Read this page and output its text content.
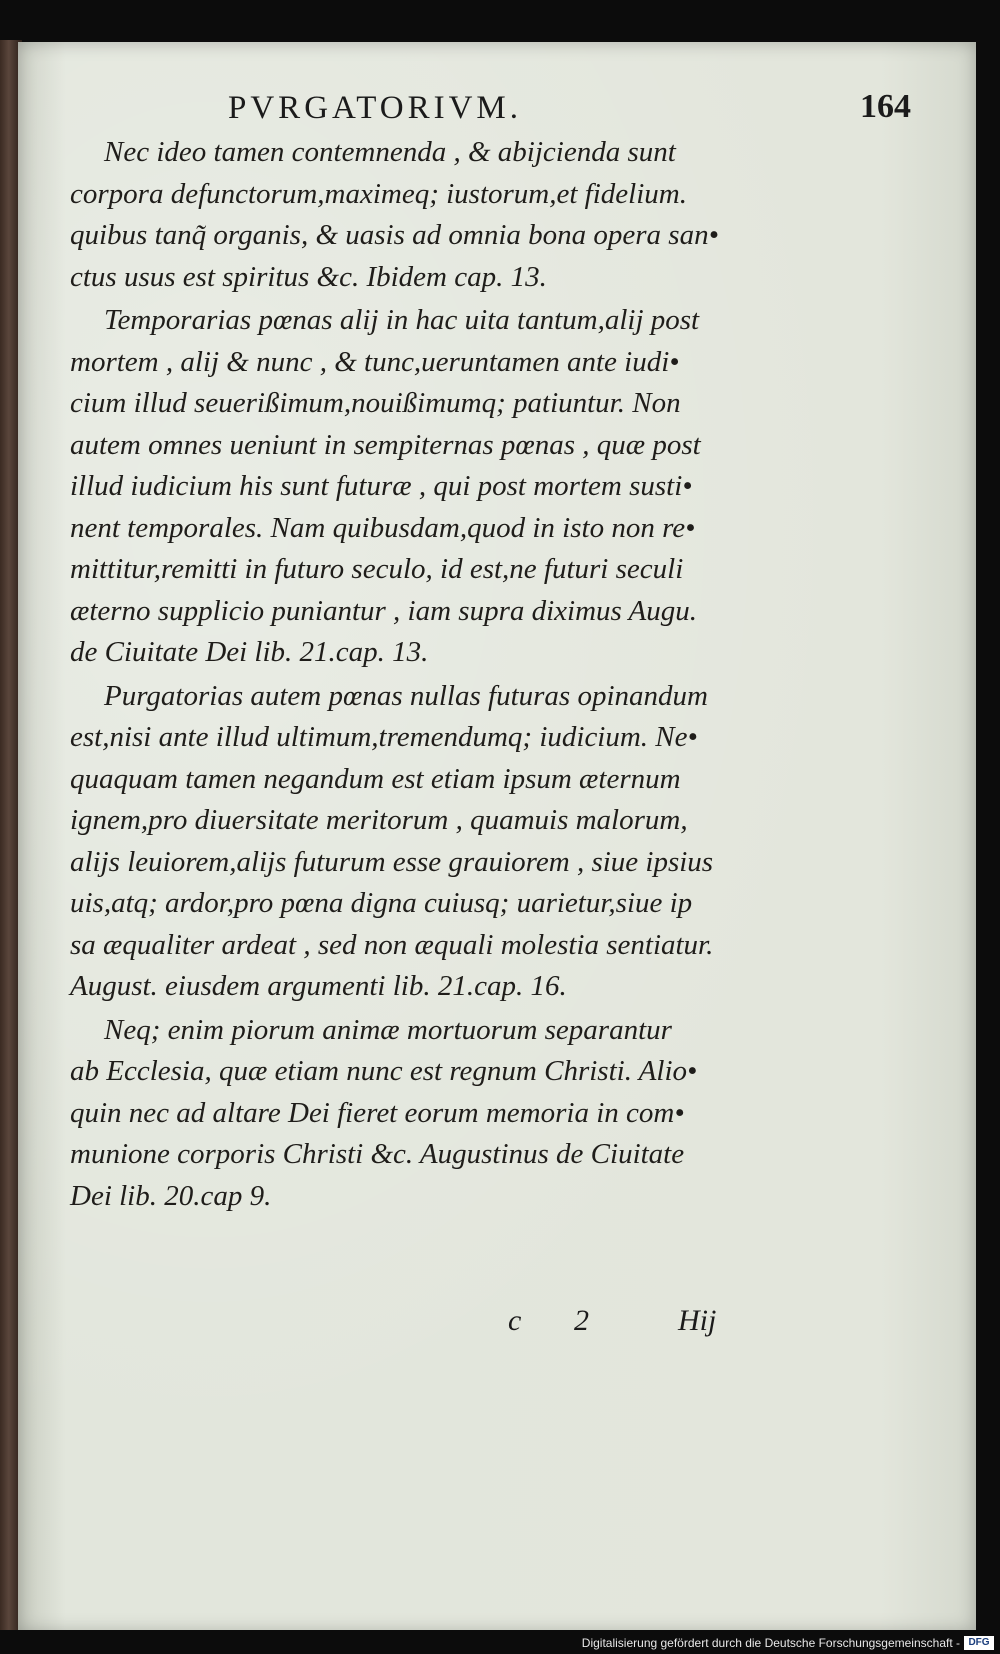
PVRGATORIVM.	164
Nec ideo tamen contemnenda , & abijcienda sunt
corpora defunctorum,maximeq; iustorum,et fidelium.
quibus tanq̃ organis, & uasis ad omnia bona opera san•
ctus usus est spiritus &c. Ibidem cap. 13.
Temporarias pœnas alij in hac uita tantum,alij post
mortem , alij & nunc , & tunc,ueruntamen ante iudi•
cium illud seuerißimum,nouißimumq; patiuntur. Non
autem omnes ueniunt in sempiternas pœnas , quæ post
illud iudicium his sunt futuræ , qui post mortem susti•
nent temporales. Nam quibusdam,quod in isto non re•
mittitur,remitti in futuro seculo, id est,ne futuri seculi
æterno supplicio puniantur , iam supra diximus Augu.
de Ciuitate Dei lib. 21.cap. 13.
Purgatorias autem pœnas nullas futuras opinandum
est,nisi ante illud ultimum,tremendumq; iudicium. Ne•
quaquam tamen negandum est etiam ipsum æternum
ignem,pro diuersitate meritorum , quamuis malorum,
alijs leuiorem,alijs futurum esse grauiorem , siue ipsius
uis,atq; ardor,pro pœna digna cuiusq; uarietur,siue ip
sa æqualiter ardeat , sed non æquali molestia sentiatur.
August. eiusdem argumenti lib. 21.cap. 16.
Neq; enim piorum animæ mortuorum separantur
ab Ecclesia, quæ etiam nunc est regnum Christi. Alio•
quin nec ad altare Dei fieret eorum memoria in com•
munione corporis Christi &c. Augustinus de Ciuitate
Dei lib. 20.cap 9.
c 2	Hij
Digitalisierung gefördert durch die Deutsche Forschungsgemeinschaft - DFG
